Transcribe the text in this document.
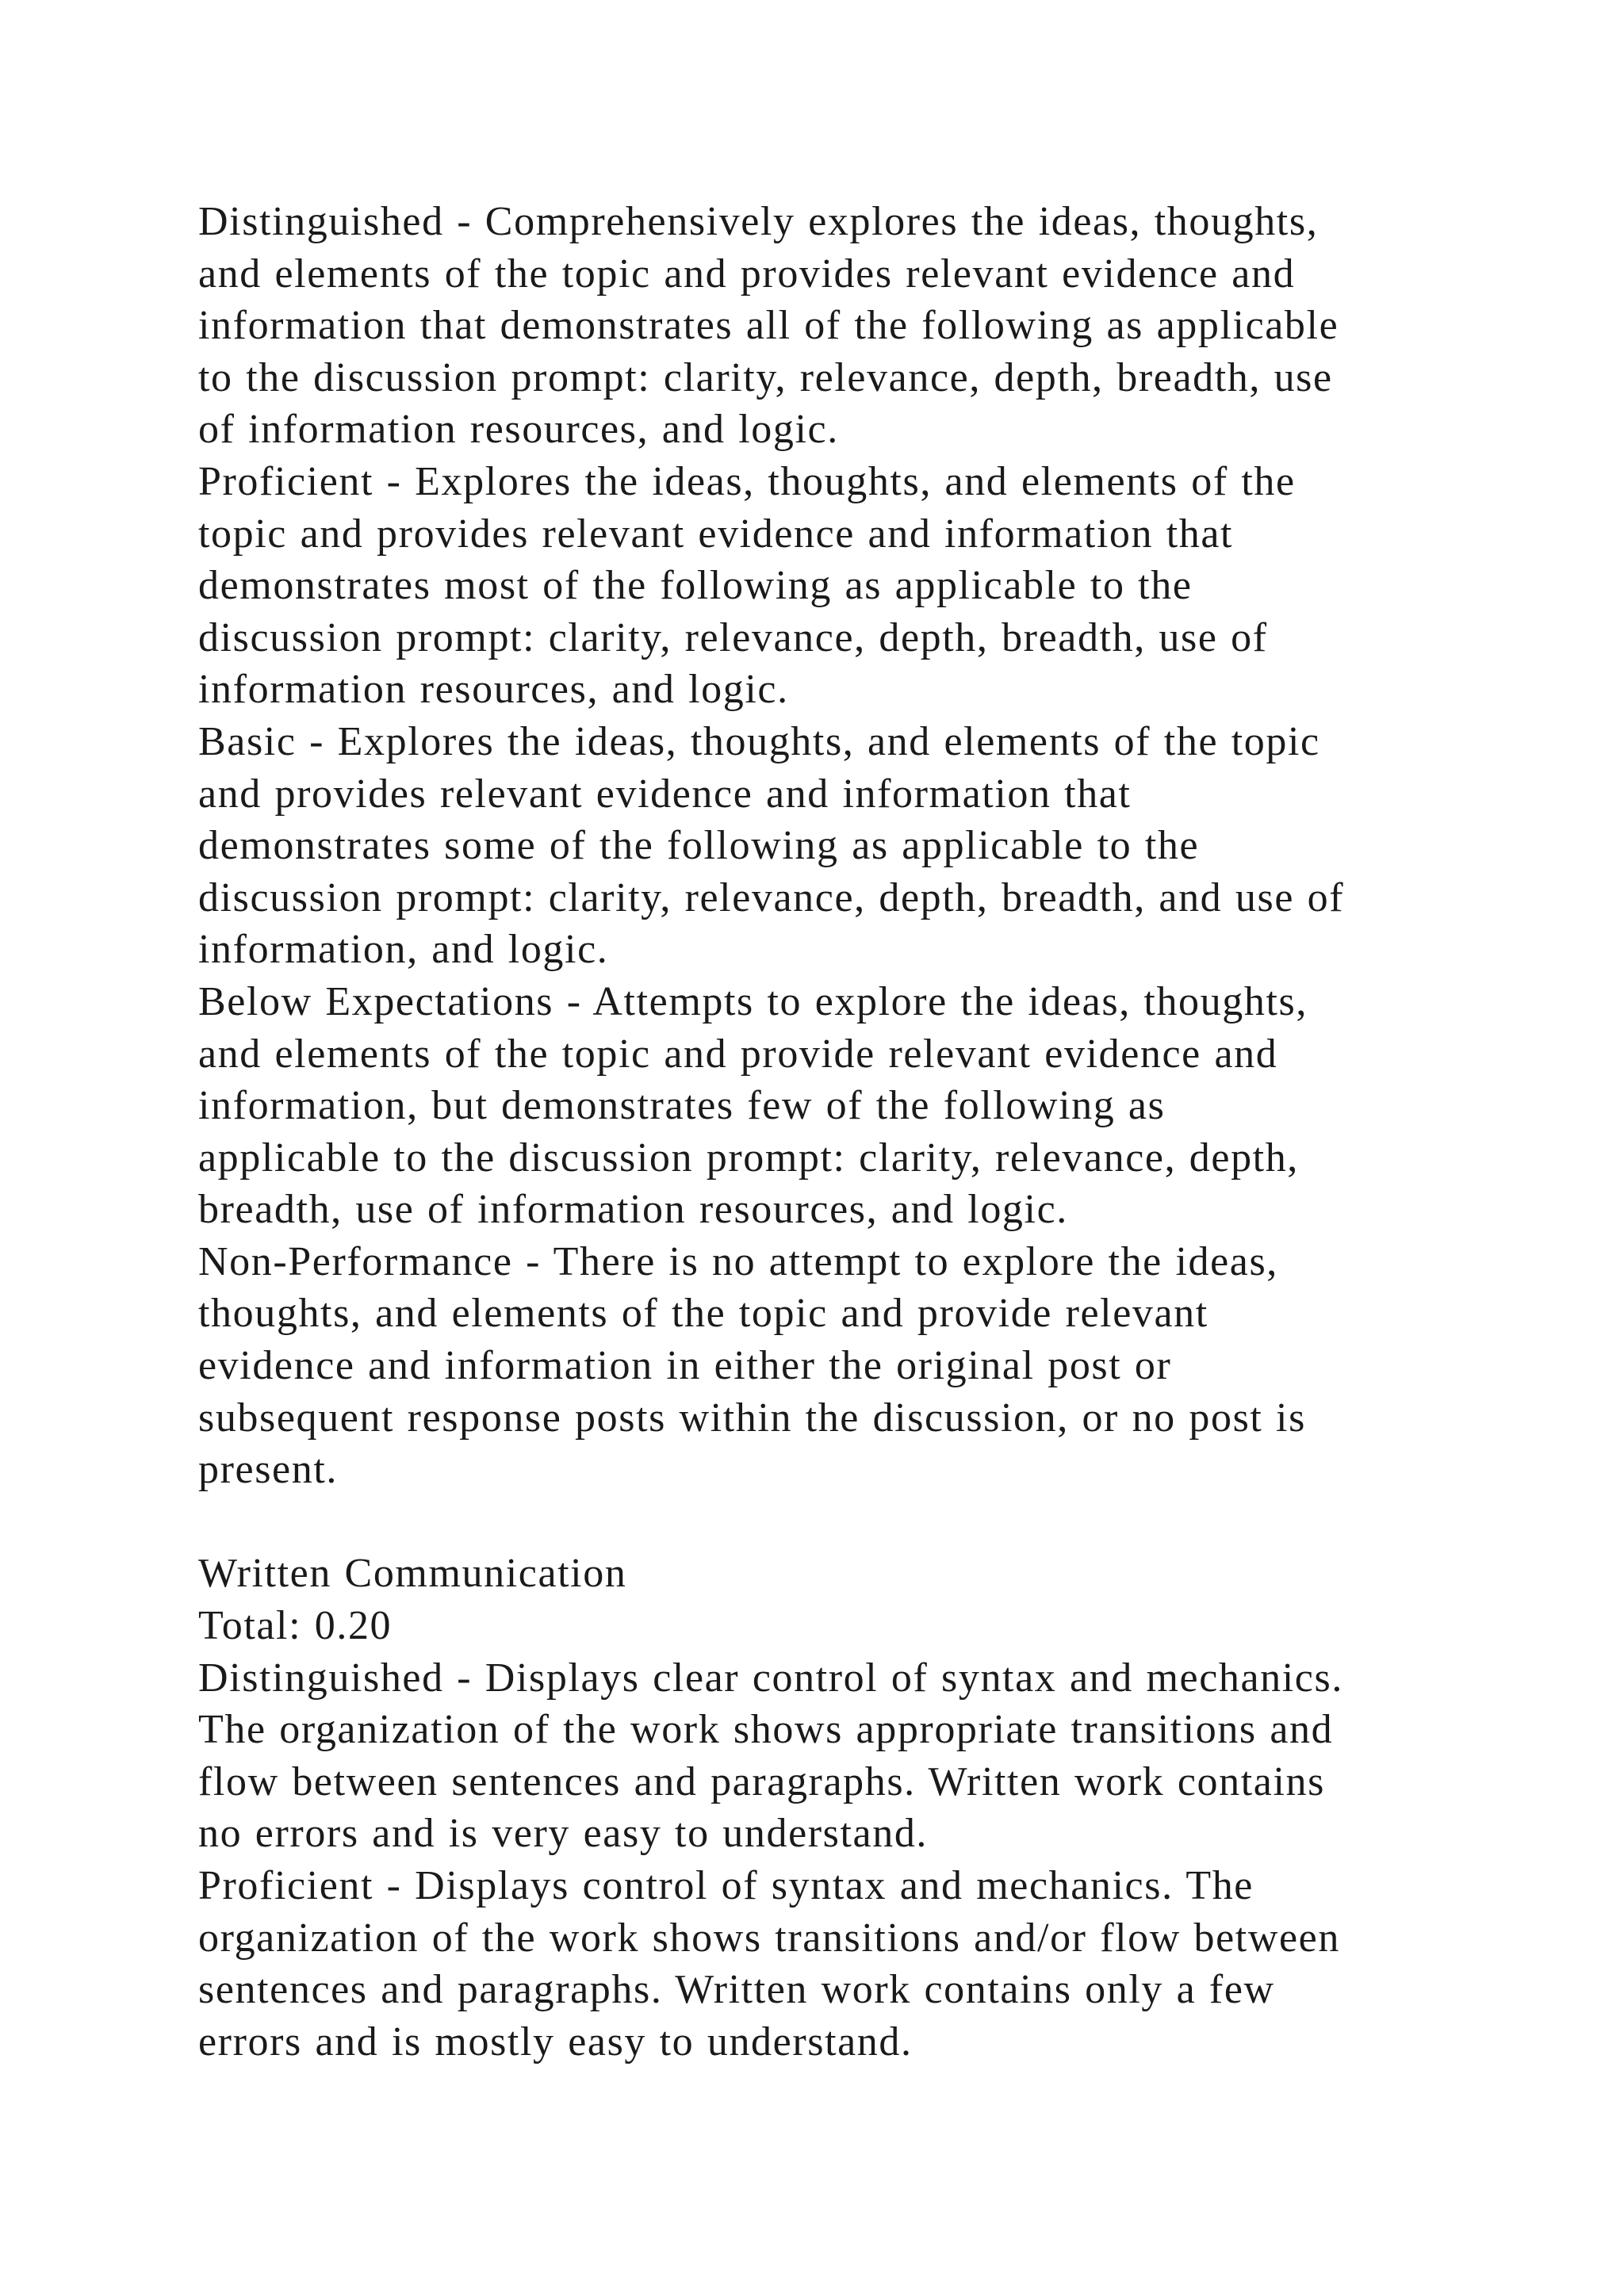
Distinguished - Comprehensively explores the ideas, thoughts,
and elements of the topic and provides relevant evidence and
information that demonstrates all of the following as applicable
to the discussion prompt: clarity, relevance, depth, breadth, use
of information resources, and logic.
Proficient - Explores the ideas, thoughts, and elements of the
topic and provides relevant evidence and information that
demonstrates most of the following as applicable to the
discussion prompt: clarity, relevance, depth, breadth, use of
information resources, and logic.
Basic - Explores the ideas, thoughts, and elements of the topic
and provides relevant evidence and information that
demonstrates some of the following as applicable to the
discussion prompt: clarity, relevance, depth, breadth, and use of
information, and logic.
Below Expectations - Attempts to explore the ideas, thoughts,
and elements of the topic and provide relevant evidence and
information, but demonstrates few of the following as
applicable to the discussion prompt: clarity, relevance, depth,
breadth, use of information resources, and logic.
Non-Performance - There is no attempt to explore the ideas,
thoughts, and elements of the topic and provide relevant
evidence and information in either the original post or
subsequent response posts within the discussion, or no post is
present.
Written Communication
Total: 0.20
Distinguished - Displays clear control of syntax and mechanics.
The organization of the work shows appropriate transitions and
flow between sentences and paragraphs. Written work contains
no errors and is very easy to understand.
Proficient - Displays control of syntax and mechanics. The
organization of the work shows transitions and/or flow between
sentences and paragraphs. Written work contains only a few
errors and is mostly easy to understand.
